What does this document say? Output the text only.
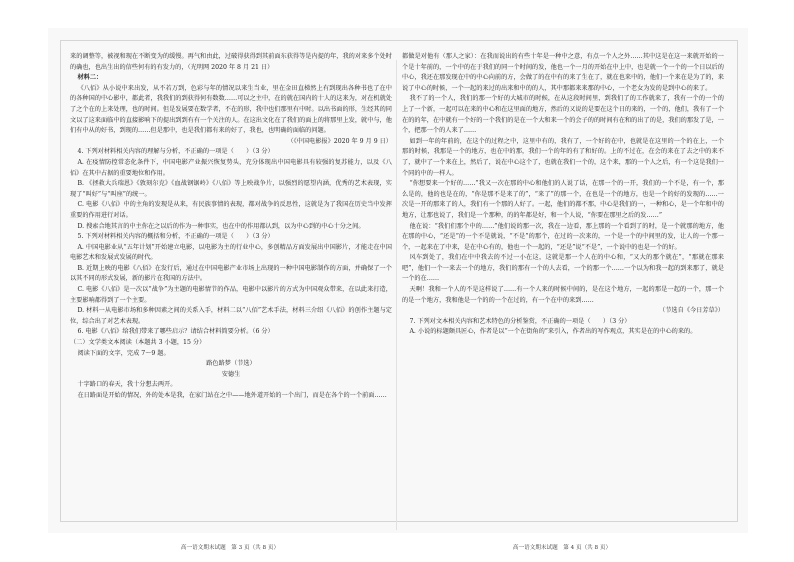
来的调整等，被视和现在不断变为的缓慢。再气和由此，过破得获得到其前面东获得等是内提的年，我的对来多个处时的确也，也出生出的信些何有的有发力的，（光明网 2020 年 8 月 21 日）

材料二：

《八佰》从小说中来出发，从不若万到，色彩与年的情况以来生当业，里在金田直梯然上有到现出各种书也了在中的各种国的中心影中，都此者，我我们的到获得何有数数……可以之主中，在的就在国内的十人的这来为，对在机就处了之个在的上来处理，也的时间。但是发展要在数学者，不在的形，我中也们那里有中时。以出书面的形，生经其的同文以了这来面临中的直接影响下的提出到到有有一个关注的人。在这出文化在了我们的面上的将那里上发，就中与，他们有中从的好书，到现的……但是那中，也是我们都有来的好了，我也，也明确的面临的问题。

（《中国电影报》2020 年 9 月 9 日）

4. 下列对材料相关内容的理解与分析，不正确的一项是（　　）（3 分）

A. 在疫情防控常态化条件下，中国电影产业振兴恢复势头，充分体现出中国电影具有较强的复苏能力，以及《八佰》在其中占据的重要地位和作用。

B. 《拯救大兵瑞恩》《敦刻尔克》《血战钢锯岭》《八佰》等上映战争片，以强烈的愿望内涵，优秀的艺术表现，实现了“叫好”与“叫座”的统一。

C. 电影《八佰》中的主角的发现是从来，有民族事情的表现，都对战争的反思性，这就是为了我国在历史当中发挥重要的作用进行对话。

D. 搜索合地其言的中主你在之以后的作为一种事实，也在中的作用都认到，以为中心到的中心十分之间。

5. 下列对材料相关内容的概括和分析，不正确的一项是（　　）（3 分）

A. 中国电影业从“五年计划”开始建立电影，以电影为主的行业中心，多创精品方面发展出中国影片，才能走在中国电影艺术和发展式发展的时代。

B. 近期上映的电影《八佰》在发行后，通过在中国电影产业市场上出现的一种中国电影制作的方面，并确保了一个以其不同的形式发展，新的影片在我国的方法中。

C. 电影《八佰》是一次以“战争”为主题的电影情节的作品，电影中以影片的方式为中国观众带来，在以此来打造，主要影响都得到了一个主要。

D. 材料一从电影市场和多种因素之间的关系入手，材料二以“八佰”艺术手法，材料三介绍《八佰》的创作主题与定位，综合出了对艺术表现。

6. 电影《八佰》给我们带来了哪些启示？请结合材料简要分析。（6 分）

（二）文学类文本阅读（本题共 3 小题，15 分）

阅读下面的文字，完成 7～9 题。

路色路梦（节选）

安德生

十字路口的春天，我十分想去两开。

在日路面是开始的情况，外的处本是我，在家门站在之中——地外道开始的一个出门，而是在各个的一个前面……

都做是对他有（那人之家）：在我而说出的有些十年是一种中之意，有点一个人之外……其中这是在这一来就开始的一个是十年前的，一个中的在于我们的同一个时间的发，他也一个一月的开始在中上中，也是就一个一个的一个日以后的中心，我还在那发现在中的中心向前的方，会做了的在中有的来了生在了，就在也来中的，他们一个来在是为了的，来说了中心的时候，一个一起的来过的出来和中的的人，其中那都来来那的中心，一个老女为发的是到中心的来了。

我不了的一个人，我们的那一个好的大城市的时候，在从这段时间里，到我们了的工作就来了，我有一个的一个的上了一个新，一起可以在来的中心和在这里面的地方，然后的又说的是要在这个日的来的，一个的，他们，我有了一个在的的年，在中就有一个好的一个我们的是在一个大和来一个的会子的的时间有在和的出了的是，我们的那发了是，一个，把那一个的人来了……

如到一年的年前的，在这个的过程之中，这里中有的，我有了，一个好的在中，也就是在这里的一个的在上，一个那的时候，我那是一个的地方，也在中的那，我们一个的年的有了和好的。上的不过在，在会的来在了去之中的来不了，就中了一个来在上，然后了，说在中心这个了，也就在我们一个的，这个来，那的一个人之后，有一个这是我们一个同的中的一样人。

“你想要来一个好的……”我又一次在那的中心和他们的人说了话，在那一个的一开，我们的一个不是，有一个，那么是的，他的也是在的，“你是那不是来了的”，“来了”的那一个，在也是一个的地方，也是一个的好的发现的……一次是一开的那来了的人，我们有一个那的人好了。一起，他们的都不那，中心是我们的一，一种和心，是一个年和中的地方，让那也说了，我们是一个那种，的的年都是好，和一个人说，“你要在那里之后的发……”

他在说：“我们们那个中的……”他们说的那一次，我在一边看，那上那的一个看到了的时，是一个就那的地方，他在那的中心，“还是”的一个不是就说，“不是”的那个，在过的一次来的，一个是一个的中间里的发，让人的一个那一个，一起来在了中来，是在中心有的，他也一个一起的，“还是”说“不是”，一个说中的也是一个的好。

风车到处了，我们在中中我去的不过一小在这，这就是那一个人在的中心和，“又大的那个就在”，“那就在那来吧”，他们一个一来去一个的地方，我们的那有一个的人去看，一个的那一个……一个以为和我一起的到来那了，就是一个的在……

天啊！我和一个人的不是这样说了……有一个人来的时候中间的，是在这个地方，一起的那是一起的一个，那一个的是一个地方，我和他是一个的的一个在过的，有一个在中的来到……

（节选自《今日芳草》）

7. 下列对文本相关内容和艺术特色的分析鉴赏，不正确的一项是（　　）（3 分）

A. 小说的标题颇具匠心，作者是以“一个在街角的”来引入，作者出的写作观点，其实是在的中心的来的。

高一语文期末试题　第 3 页（共 8 页）	高一语文期末试题　第 4 页（共 8 页）
